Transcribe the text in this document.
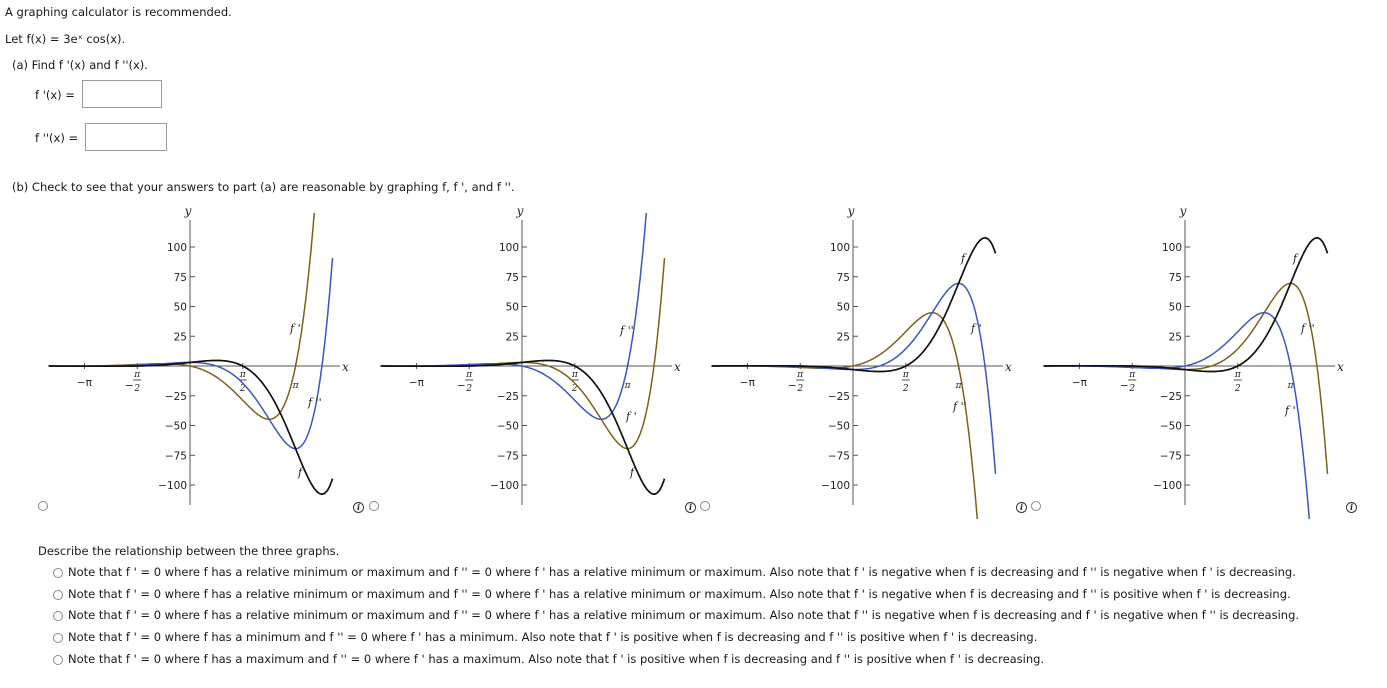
A graphing calculator is recommended.
Let f(x) = 3eˣ cos(x).
(a) Find f '(x) and f ''(x).
f '(x) =
f ''(x) =
(b) Check to see that your answers to part (a) are reasonable by graphing f, f ', and f ''.
y
x
100
75
50
25
−25
−50
−75
−100
−π	π
−
π
2
π
2
f
f '
f ''
y
x
100
75
50
25
−25
−50
−75
−100
−π	π
−
π
2
π
2
f
f '
f ''
y
x
100
75
50
25
−25
−50
−75
−100
−π	π
−
π
2
π
2
f
f '
f ''
y
x
100
75
50
25
−25
−50
−75
−100
−π	π
−
π
2
π
2
f
f '
f ''
i	i	i	i
Describe the relationship between the three graphs.
Note that f ' = 0 where f has a relative minimum or maximum and f '' = 0 where f ' has a relative minimum or maximum. Also note that f ' is negative when f is decreasing and f '' is negative when f ' is decreasing.
Note that f ' = 0 where f has a relative minimum or maximum and f '' = 0 where f ' has a relative minimum or maximum. Also note that f ' is negative when f is decreasing and f '' is positive when f ' is decreasing.
Note that f ' = 0 where f has a relative minimum or maximum and f '' = 0 where f ' has a relative minimum or maximum. Also note that f '' is negative when f is decreasing and f ' is negative when f '' is decreasing.
Note that f ' = 0 where f has a minimum and f '' = 0 where f ' has a minimum. Also note that f ' is positive when f is decreasing and f '' is positive when f ' is decreasing.
Note that f ' = 0 where f has a maximum and f '' = 0 where f ' has a maximum. Also note that f ' is positive when f is decreasing and f '' is positive when f ' is decreasing.
